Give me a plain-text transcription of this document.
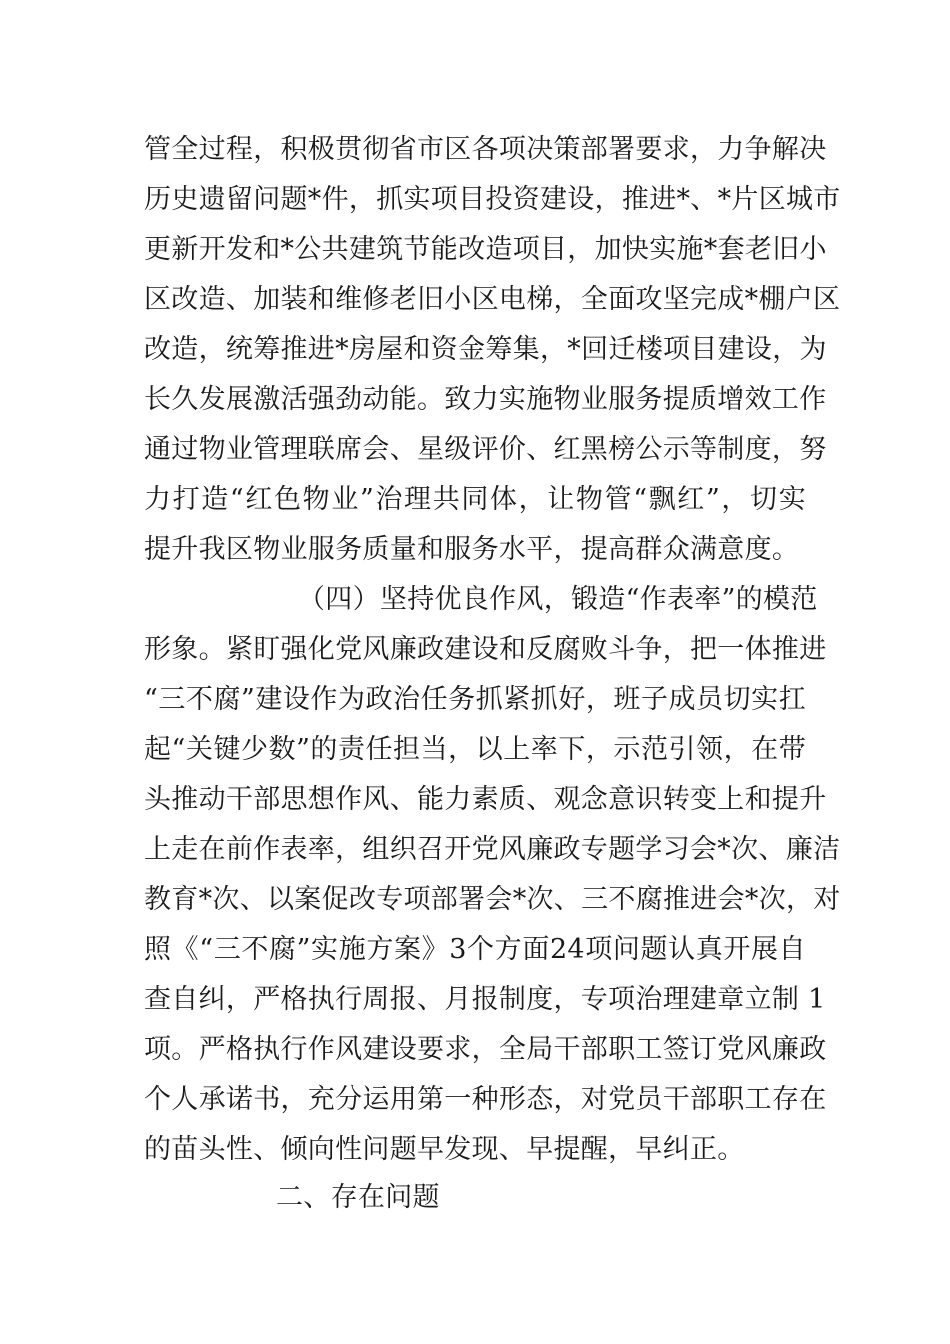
管全过程，积极贯彻省市区各项决策部署要求，力争解决
历史遗留问题*件，抓实项目投资建设，推进*、*片区城市
更新开发和*公共建筑节能改造项目，加快实施*套老旧小
区改造、加装和维修老旧小区电梯，全面攻坚完成*棚户区
改造，统筹推进*房屋和资金筹集，*回迁楼项目建设，为
长久发展激活强劲动能。致力实施物业服务提质增效工作
通过物业管理联席会、星级评价、红黑榜公示等制度，努
力打造“红色物业”治理共同体，让物管“飘红”，切实
提升我区物业服务质量和服务水平，提高群众满意度。
（四）坚持优良作风，锻造“作表率”的模范
形象。紧盯强化党风廉政建设和反腐败斗争，把一体推进
“三不腐”建设作为政治任务抓紧抓好，班子成员切实扛
起“关键少数”的责任担当，以上率下，示范引领，在带
头推动干部思想作风、能力素质、观念意识转变上和提升
上走在前作表率，组织召开党风廉政专题学习会*次、廉洁
教育*次、以案促改专项部署会*次、三不腐推进会*次，对
照《“三不腐”实施方案》3个方面24项问题认真开展自
查自纠，严格执行周报、月报制度，专项治理建章立制 1
项。严格执行作风建设要求，全局干部职工签订党风廉政
个人承诺书，充分运用第一种形态，对党员干部职工存在
的苗头性、倾向性问题早发现、早提醒，早纠正。
二、存在问题
